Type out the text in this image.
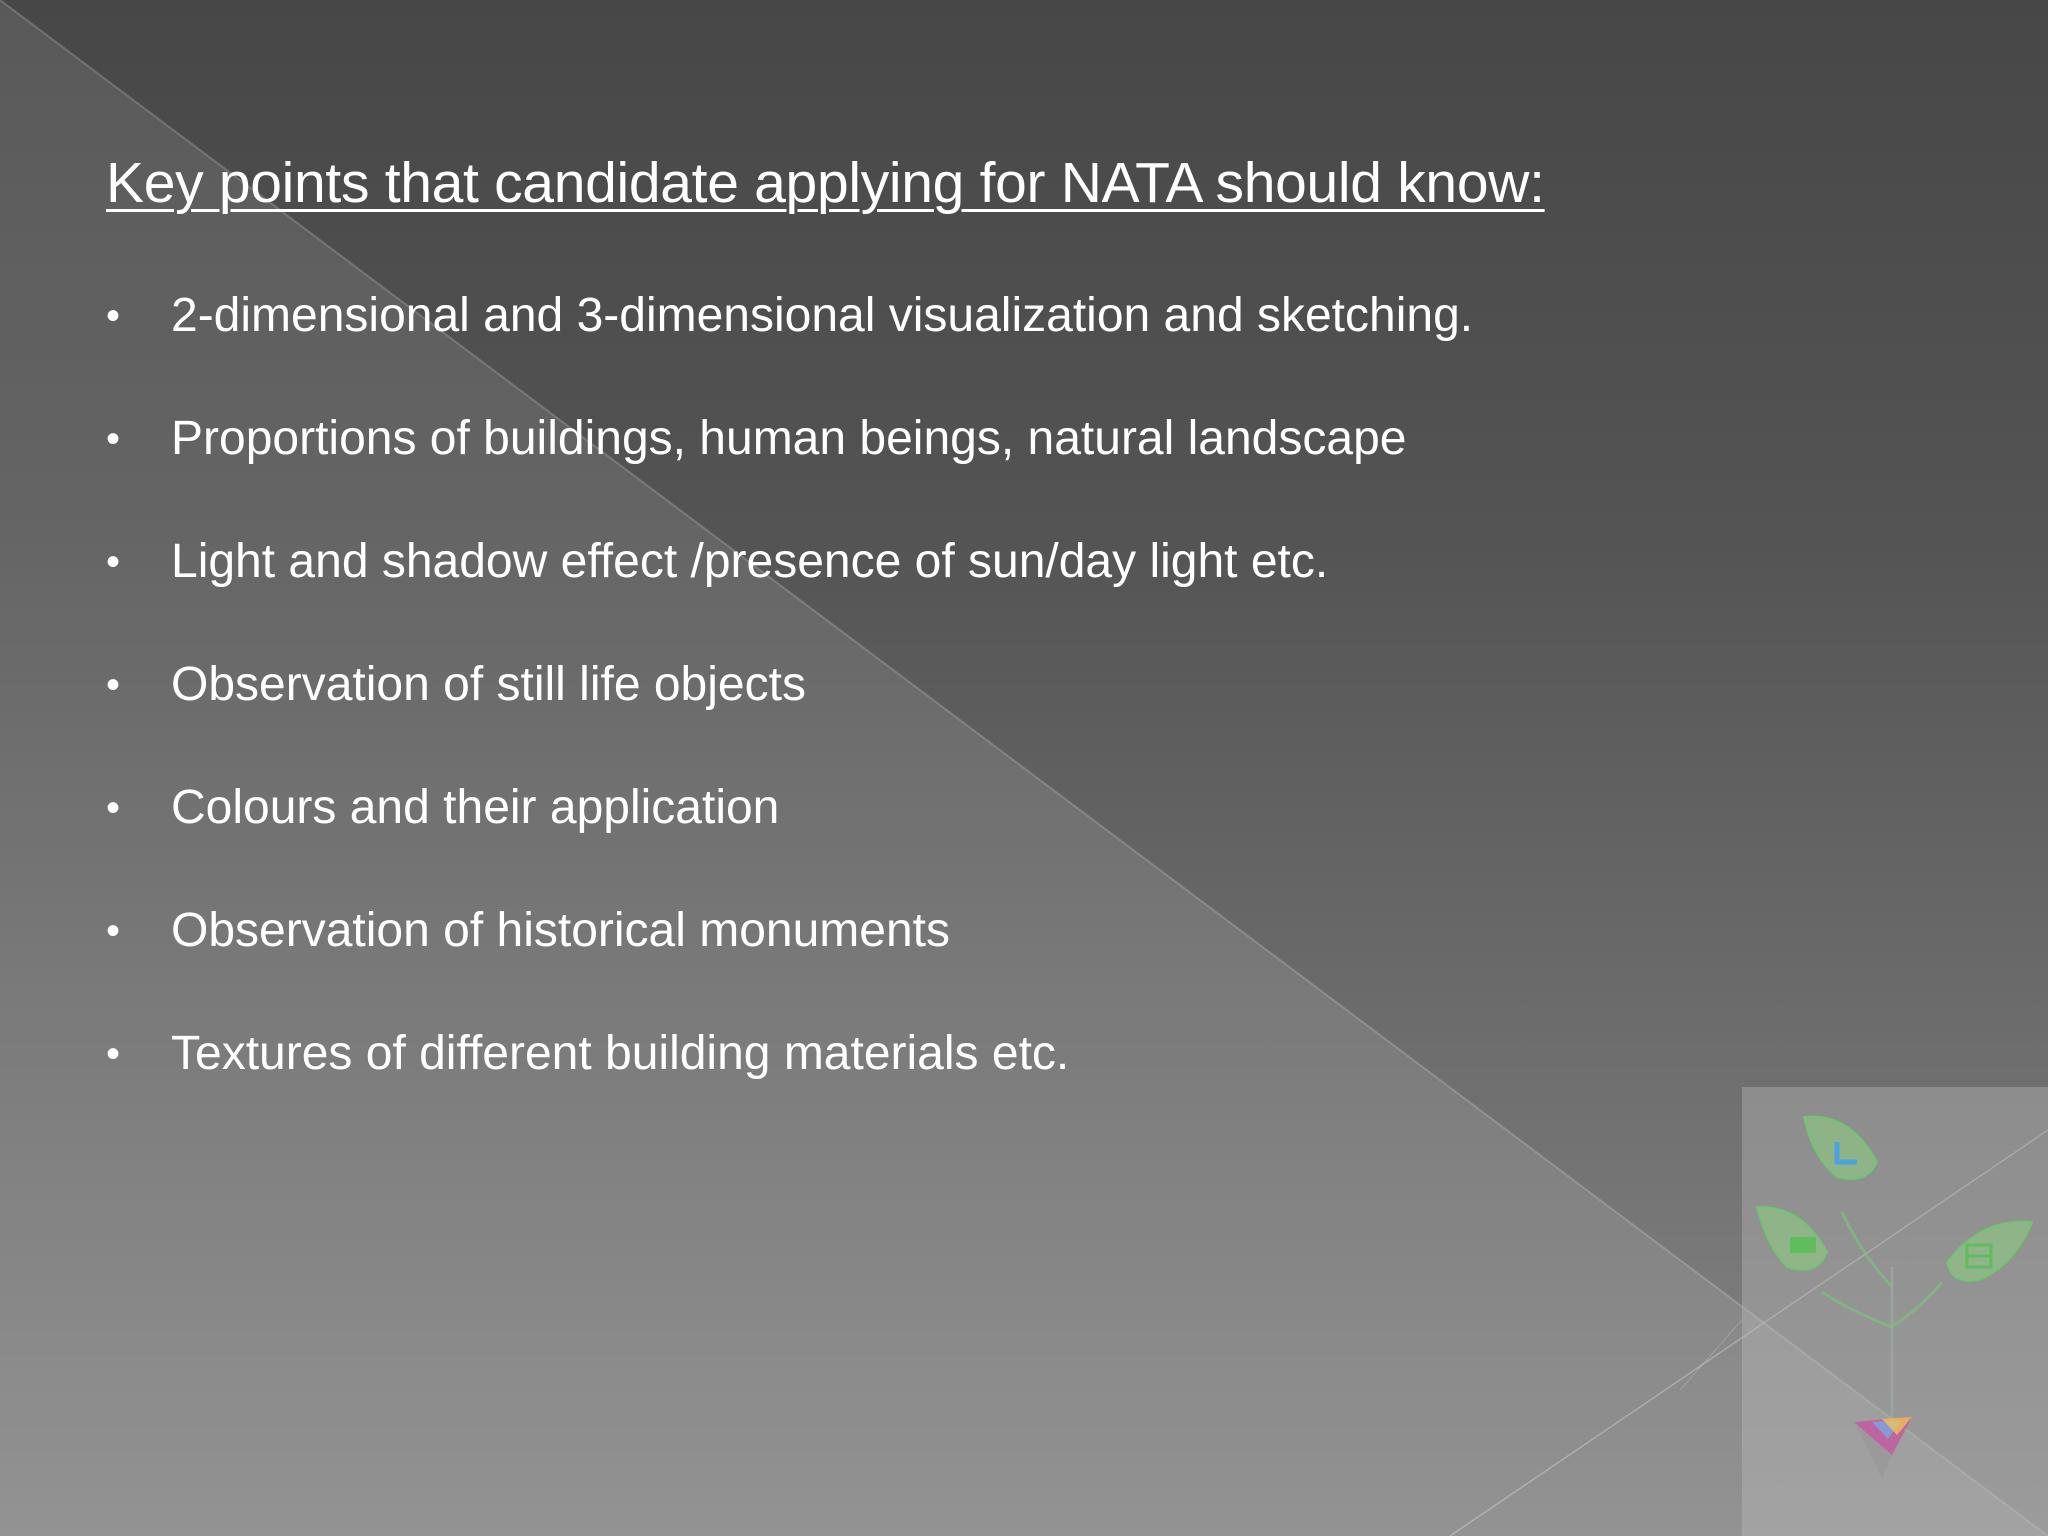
Key points that candidate applying for NATA should know:
• 2-dimensional and 3-dimensional visualization and sketching.
• Proportions of buildings, human beings, natural landscape
• Light and shadow effect /presence of sun/day light etc.
• Observation of still life objects
• Colours and their application
• Observation of historical monuments
• Textures of different building materials etc.
